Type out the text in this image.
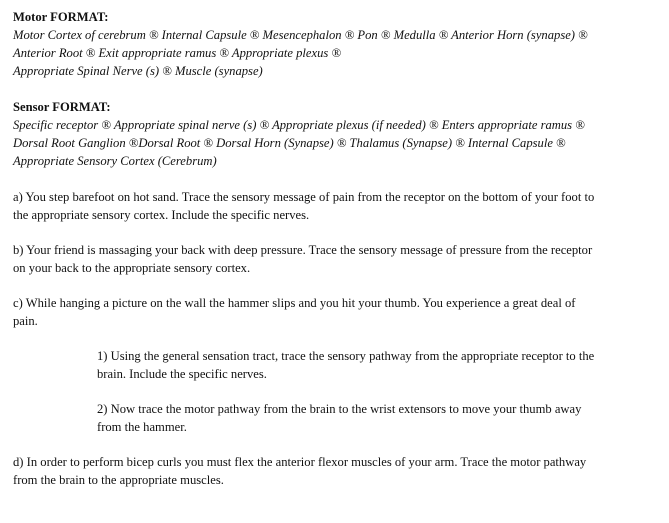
Motor FORMAT:
Motor Cortex of cerebrum ® Internal Capsule ® Mesencephalon ® Pon ® Medulla ® Anterior Horn (synapse) ®
Anterior Root ® Exit appropriate ramus ® Appropriate plexus ®
Appropriate Spinal Nerve (s) ® Muscle (synapse)
Sensor FORMAT:
Specific receptor ® Appropriate spinal nerve (s) ® Appropriate plexus (if needed) ® Enters appropriate ramus ®
Dorsal Root Ganglion ®Dorsal Root ® Dorsal Horn (Synapse) ® Thalamus (Synapse) ® Internal Capsule ®
Appropriate Sensory Cortex (Cerebrum)
a) You step barefoot on hot sand. Trace the sensory message of pain from the receptor on the bottom of your foot to
the appropriate sensory cortex. Include the specific nerves.
b) Your friend is massaging your back with deep pressure. Trace the sensory message of pressure from the receptor
on your back to the appropriate sensory cortex.
c) While hanging a picture on the wall the hammer slips and you hit your thumb. You experience a great deal of
pain.
1) Using the general sensation tract, trace the sensory pathway from the appropriate receptor to the
brain. Include the specific nerves.
2) Now trace the motor pathway from the brain to the wrist extensors to move your thumb away
from the hammer.
d) In order to perform bicep curls you must flex the anterior flexor muscles of your arm. Trace the motor pathway
from the brain to the appropriate muscles.
